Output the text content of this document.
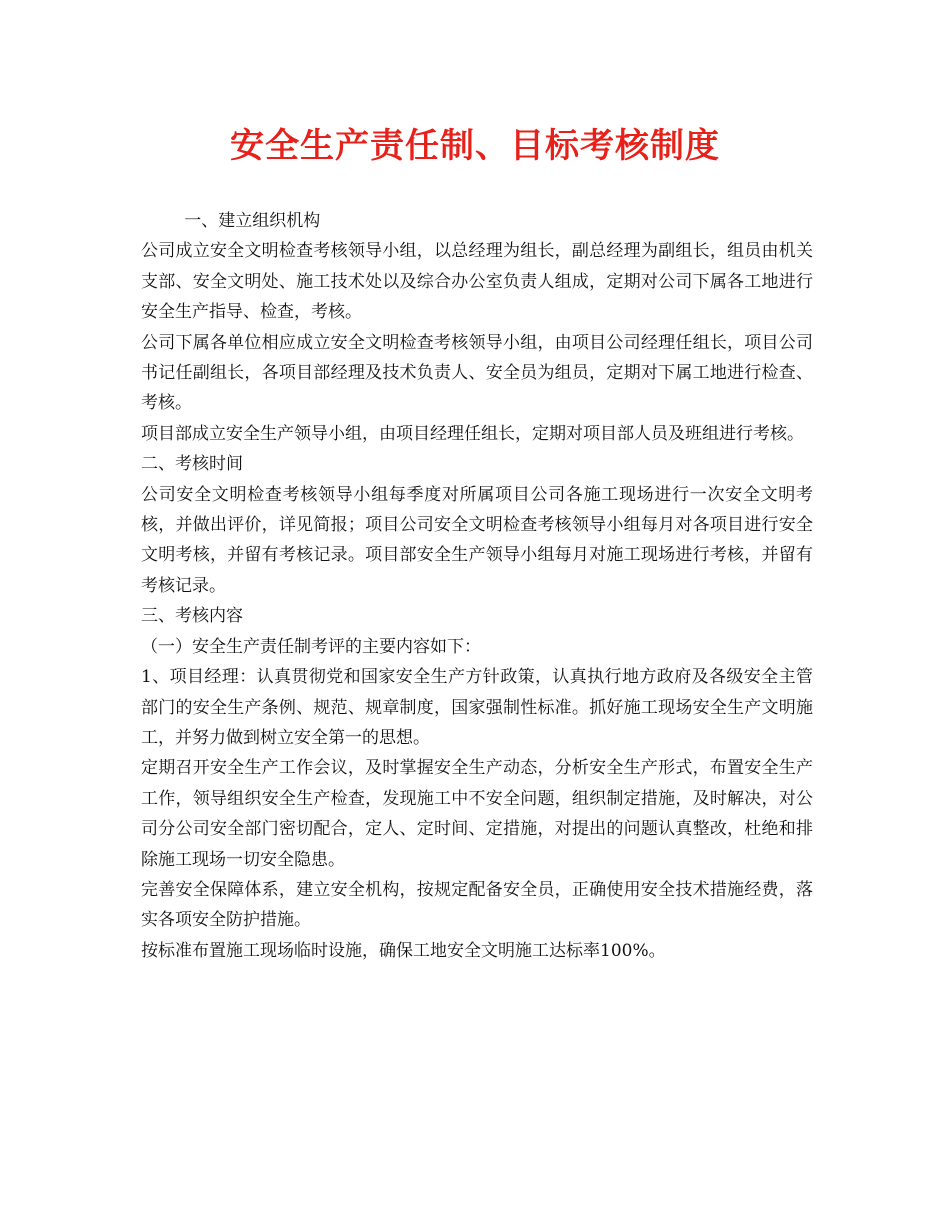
安全生产责任制、目标考核制度

一、建立组织机构

公司成立安全文明检查考核领导小组，以总经理为组长，副总经理为副组长，组员由机关支部、安全文明处、施工技术处以及综合办公室负责人组成，定期对公司下属各工地进行安全生产指导、检查，考核。

公司下属各单位相应成立安全文明检查考核领导小组，由项目公司经理任组长，项目公司书记任副组长，各项目部经理及技术负责人、安全员为组员，定期对下属工地进行检查、考核。

项目部成立安全生产领导小组，由项目经理任组长，定期对项目部人员及班组进行考核。

二、考核时间

公司安全文明检查考核领导小组每季度对所属项目公司各施工现场进行一次安全文明考核，并做出评价，详见简报；项目公司安全文明检查考核领导小组每月对各项目进行安全文明考核，并留有考核记录。项目部安全生产领导小组每月对施工现场进行考核，并留有考核记录。

三、考核内容

（一）安全生产责任制考评的主要内容如下：

1、项目经理：认真贯彻党和国家安全生产方针政策，认真执行地方政府及各级安全主管部门的安全生产条例、规范、规章制度，国家强制性标准。抓好施工现场安全生产文明施工，并努力做到树立安全第一的思想。

定期召开安全生产工作会议，及时掌握安全生产动态，分析安全生产形式，布置安全生产工作，领导组织安全生产检查，发现施工中不安全问题，组织制定措施，及时解决，对公司分公司安全部门密切配合，定人、定时间、定措施，对提出的问题认真整改，杜绝和排除施工现场一切安全隐患。

完善安全保障体系，建立安全机构，按规定配备安全员，正确使用安全技术措施经费，落实各项安全防护措施。

按标准布置施工现场临时设施，确保工地安全文明施工达标率100%。
